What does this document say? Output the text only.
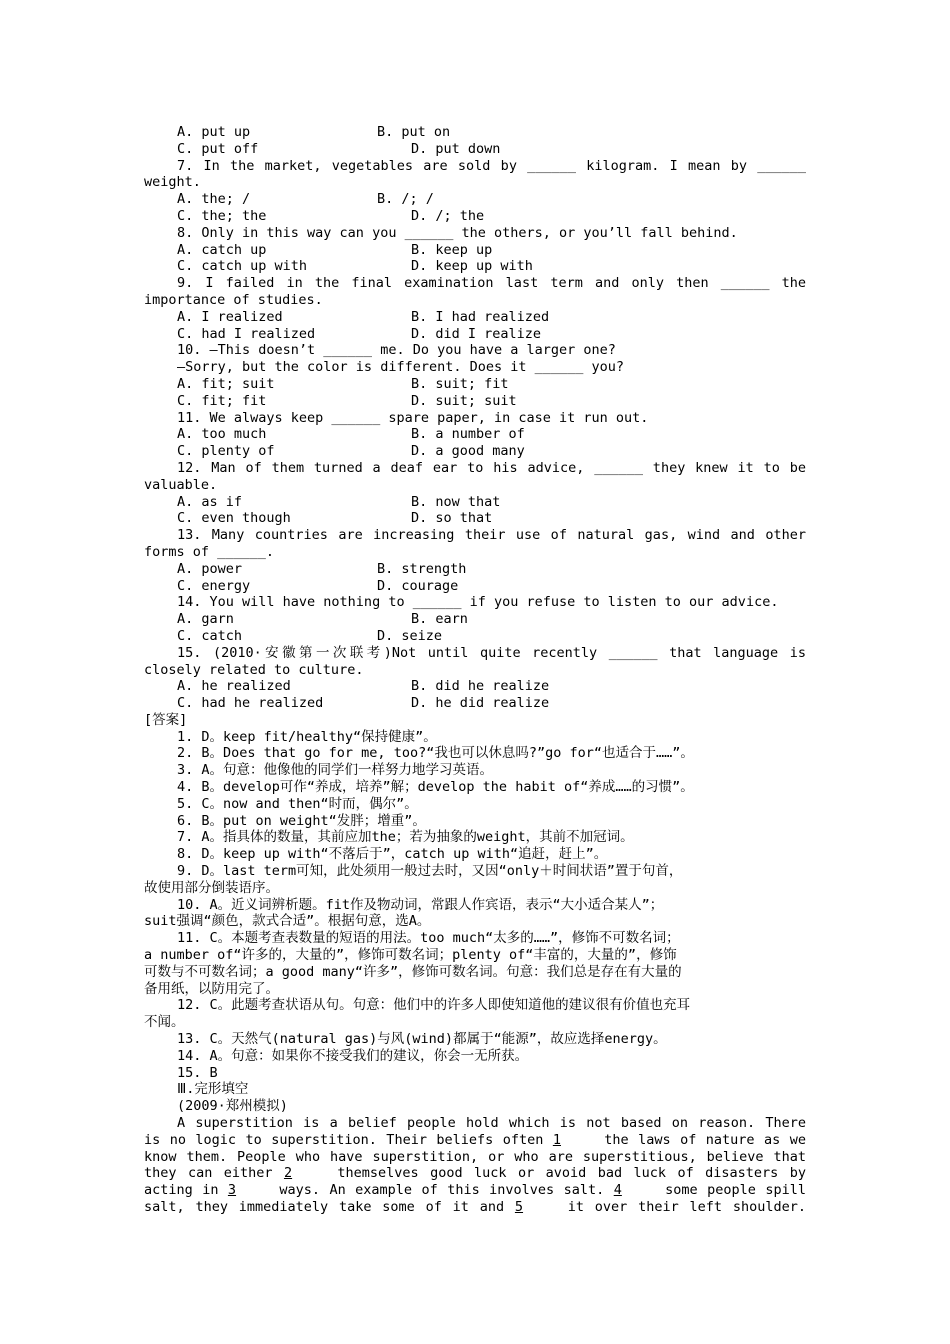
A. put up	B. put on
C. put off	D. put down
7. In the market, vegetables are sold by ______ kilogram. I mean by ______
weight.
A. the; /	B. /; /
C. the; the	D. /; the
8. Only in this way can you ______ the others, or you’ll fall behind.
A. catch up	B. keep up
C. catch up with	D. keep up with
9. I failed in the final examination last term and only then ______ the
importance of studies.
A. I realized	B. I had realized
C. had I realized	D. did I realize
10. —This doesn’t ______ me. Do you have a larger one?
—Sorry, but the color is different. Does it ______ you?
A. fit; suit	B. suit; fit
C. fit; fit	D. suit; suit
11. We always keep ______ spare paper, in case it run out.
A. too much	B. a number of
C. plenty of	D. a good many
12. Man of them turned a deaf ear to his advice, ______ they knew it to be
valuable.
A. as if	B. now that
C. even though	D. so that
13. Many countries are increasing their use of natural gas, wind and other
forms of ______.
A. power	B. strength
C. energy	D. courage
14. You will have nothing to ______ if you refuse to listen to our advice.
A. garn	B. earn
C. catch	D. seize
15. (2010·安徽第一次联考)Not until quite recently ______ that language is
closely related to culture.
A. he realized	B. did he realize
C. had he realized	D. he did realize
[答案]
1. D。keep fit/healthy“保持健康”。
2. B。Does that go for me, too?“我也可以休息吗?”go for“也适合于……”。
3. A。句意：他像他的同学们一样努力地学习英语。
4. B。develop可作“养成，培养”解；develop the habit of“养成……的习惯”。
5. C。now and then“时而，偶尔”。
6. B。put on weight“发胖；增重”。
7. A。指具体的数量，其前应加the；若为抽象的weight，其前不加冠词。
8. D。keep up with“不落后于”，catch up with“追赶，赶上”。
9. D。last term可知，此处须用一般过去时，又因“only＋时间状语”置于句首，
故使用部分倒装语序。
10. A。近义词辨析题。fit作及物动词，常跟人作宾语，表示“大小适合某人”；
suit强调“颜色，款式合适”。根据句意，选A。
11. C。本题考查表数量的短语的用法。too much“太多的……”，修饰不可数名词；
a number of“许多的，大量的”，修饰可数名词；plenty of“丰富的，大量的”，修饰
可数与不可数名词；a good many“许多”，修饰可数名词。句意：我们总是存在有大量的
备用纸，以防用完了。
12. C。此题考查状语从句。句意：他们中的许多人即使知道他的建议很有价值也充耳
不闻。
13. C。天然气(natural gas)与风(wind)都属于“能源”，故应选择energy。
14. A。句意：如果你不接受我们的建议，你会一无所获。
15. B
Ⅲ.完形填空
(2009·郑州模拟)
A superstition is a belief people hold which is not based on reason. There
is no logic to superstition. Their beliefs often 1	the laws of nature as we
know them. People who have superstition, or who are superstitious, believe that
they can either 2	themselves good luck or avoid bad luck of disasters by
acting in 3	ways. An example of this involves salt. 4	some people spill
salt, they immediately take some of it and 5	it over their left shoulder.
